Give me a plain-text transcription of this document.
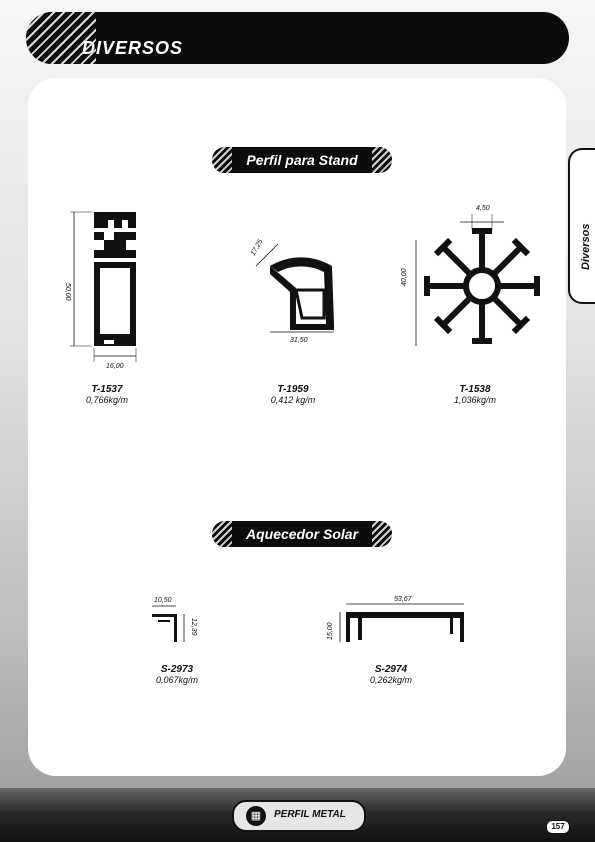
DIVERSOS
Diversos
Perfil para Stand
50,00
16,00
T-1537
0,766kg/m
17,25
31,50
T-1959
0,412 kg/m
4,50
40,00
T-1538
1,036kg/m
Aquecedor Solar
10,50
12,39
S-2973
0,067kg/m
53,67
15,00
S-2974
0,262kg/m
▦	PERFIL METAL
157
